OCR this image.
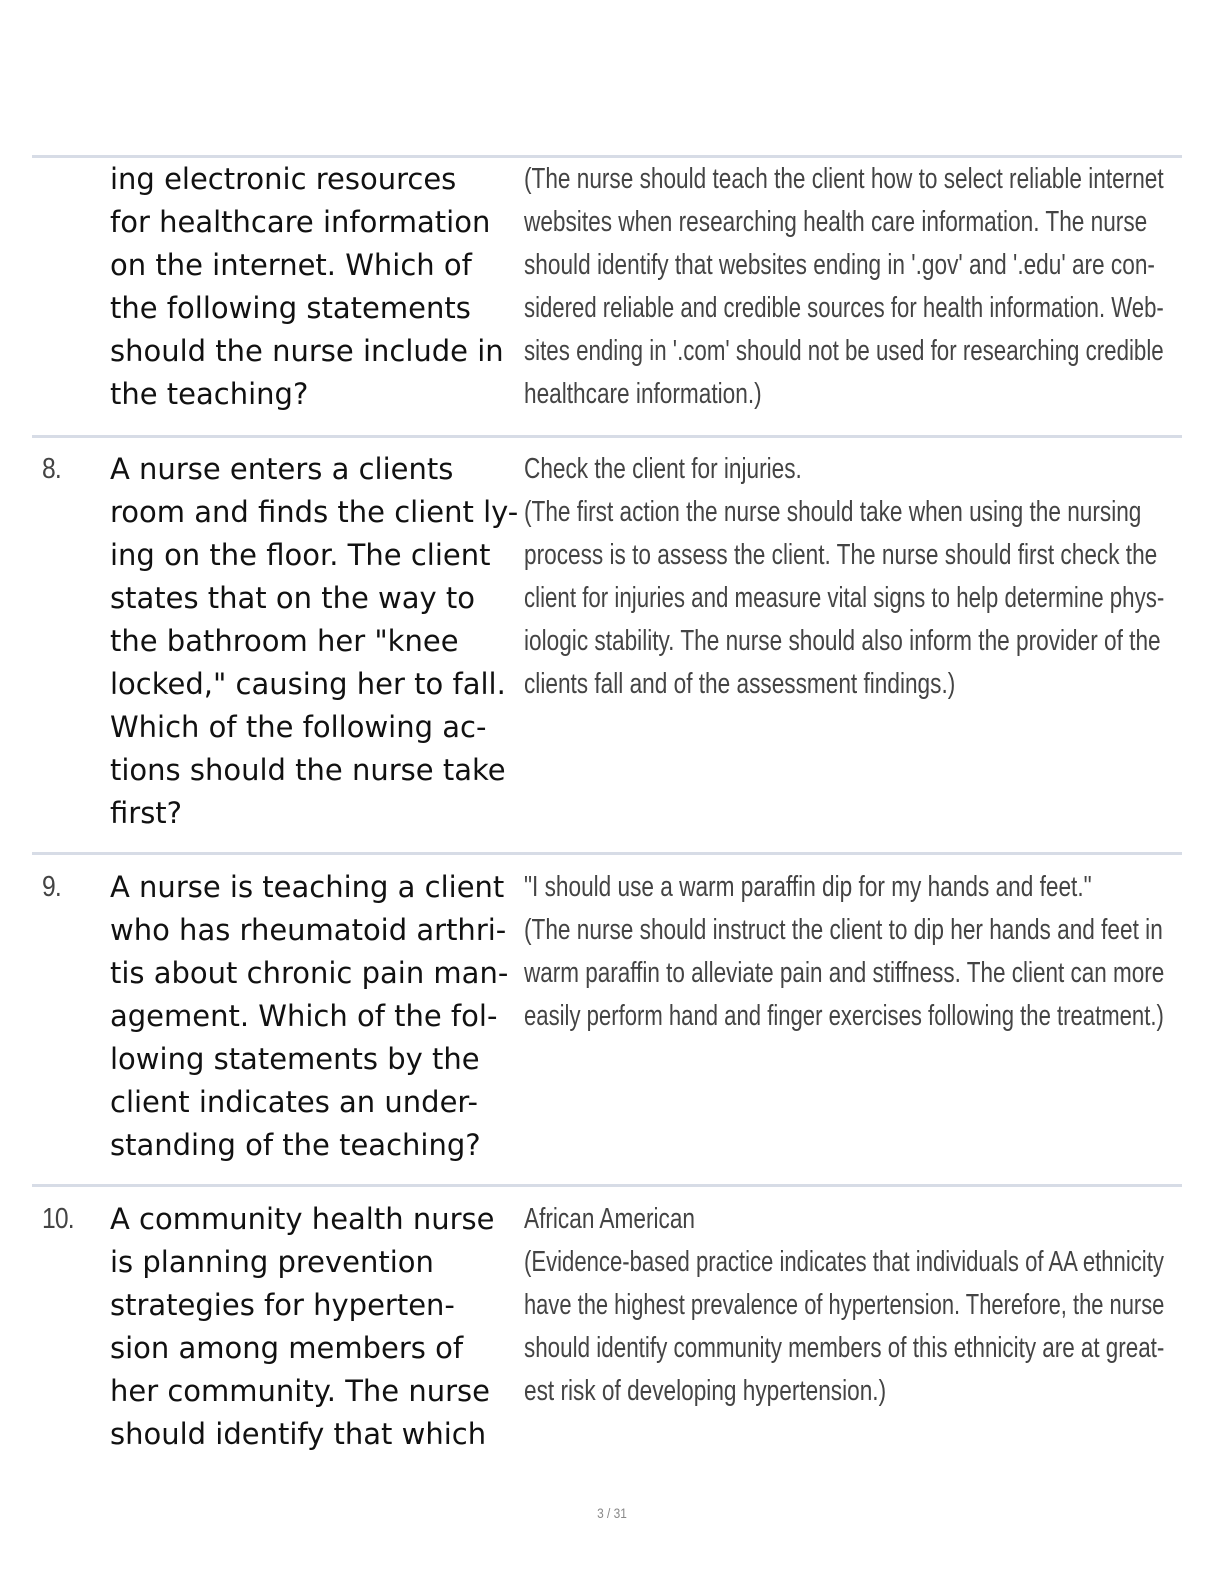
ing electronic resources
for healthcare information
on the internet. Which of
the following statements
should the nurse include in
the teaching?
(The nurse should teach the client how to select reliable internet
websites when researching health care information. The nurse
should identify that websites ending in '.gov' and '.edu' are con-
sidered reliable and credible sources for health information. Web-
sites ending in '.com' should not be used for researching credible
healthcare information.)
8. A nurse enters a clients
room and finds the client ly-
ing on the floor. The client
states that on the way to
the bathroom her "knee
locked," causing her to fall.
Which of the following ac-
tions should the nurse take
first?
Check the client for injuries.
(The first action the nurse should take when using the nursing
process is to assess the client. The nurse should first check the
client for injuries and measure vital signs to help determine phys-
iologic stability. The nurse should also inform the provider of the
clients fall and of the assessment findings.)
9. A nurse is teaching a client
who has rheumatoid arthri-
tis about chronic pain man-
agement. Which of the fol-
lowing statements by the
client indicates an under-
standing of the teaching?
"I should use a warm paraffin dip for my hands and feet."
(The nurse should instruct the client to dip her hands and feet in
warm paraffin to alleviate pain and stiffness. The client can more
easily perform hand and finger exercises following the treatment.)
10. A community health nurse
is planning prevention
strategies for hyperten-
sion among members of
her community. The nurse
should identify that which
African American
(Evidence-based practice indicates that individuals of AA ethnicity
have the highest prevalence of hypertension. Therefore, the nurse
should identify community members of this ethnicity are at great-
est risk of developing hypertension.)
3 / 31
